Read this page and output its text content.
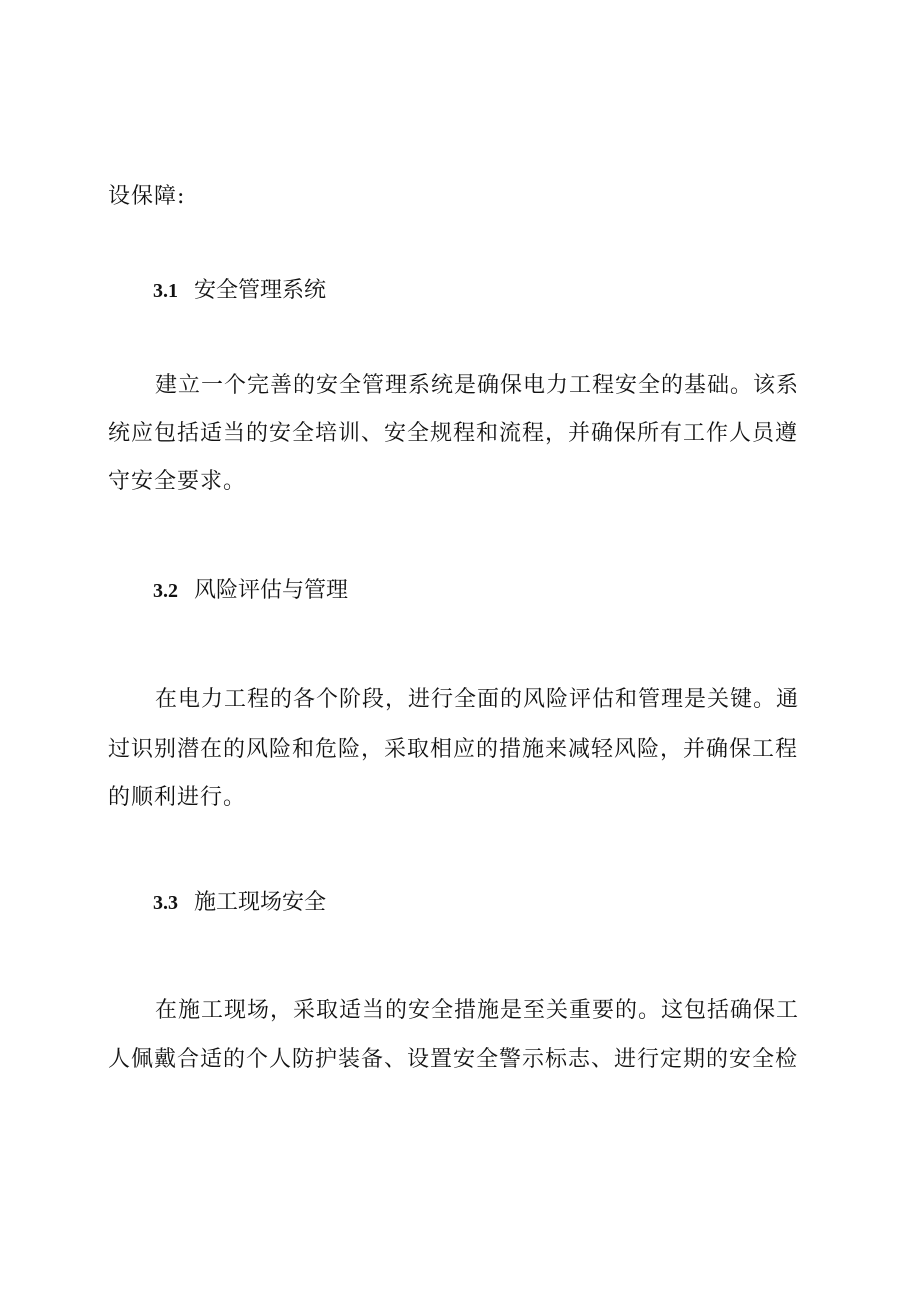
设保障:
3.1 安全管理系统
建立一个完善的安全管理系统是确保电力工程安全的基础。该系
统应包括适当的安全培训、安全规程和流程，并确保所有工作人员遵
守安全要求。
3.2 风险评估与管理
在电力工程的各个阶段，进行全面的风险评估和管理是关键。通
过识别潜在的风险和危险，采取相应的措施来减轻风险，并确保工程
的顺利进行。
3.3 施工现场安全
在施工现场，采取适当的安全措施是至关重要的。这包括确保工
人佩戴合适的个人防护装备、设置安全警示标志、进行定期的安全检
